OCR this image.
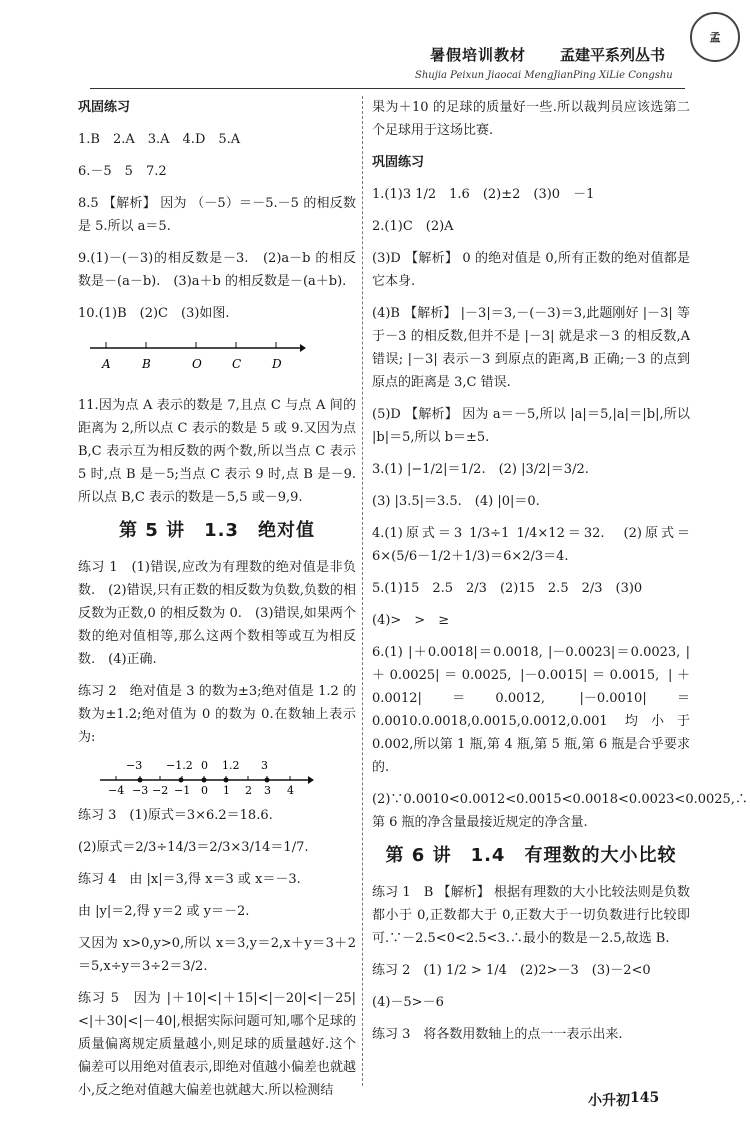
孟
暑假培训教材 孟建平系列丛书
Shujia Peixun Jiaocai MengJianPing XiLie Congshu

巩固练习

1.B　2.A　3.A　4.D　5.A

6.－5　5　7.2

8.5 【解析】 因为 （－5）＝－5.－5 的相反数是 5.所以 a＝5.

9.(1)－(－3)的相反数是－3.　(2)a－b 的相反数是－(a－b).　(3)a＋b 的相反数是－(a＋b).

10.(1)B　(2)C　(3)如图.

A	B	O	C	D

11.因为点 A 表示的数是 7,且点 C 与点 A 间的距离为 2,所以点 C 表示的数是 5 或 9.又因为点 B,C 表示互为相反数的两个数,所以当点 C 表示 5 时,点 B 是－5;当点 C 表示 9 时,点 B 是－9.所以点 B,C 表示的数是－5,5 或－9,9.

第 5 讲　1.3　绝对值

练习 1　(1)错误,应改为有理数的绝对值是非负数.　(2)错误,只有正数的相反数为负数,负数的相反数为正数,0 的相反数为 0.　(3)错误,如果两个数的绝对值相等,那么这两个数相等或互为相反数.　(4)正确.

练习 2　绝对值是 3 的数为±3;绝对值是 1.2 的数为±1.2;绝对值为 0 的数为 0.在数轴上表示为:

−3 −1.2 0 1.2 3
−4 −3 −2 −1 0 1 2 3 4

练习 3　(1)原式＝3×6.2＝18.6.

(2)原式＝2/3÷14/3＝2/3×3/14＝1/7.

练习 4　由 |x|＝3,得 x＝3 或 x＝－3.

由 |y|＝2,得 y＝2 或 y＝－2.

又因为 x>0,y>0,所以 x＝3,y＝2,x＋y＝3＋2＝5,x÷y＝3÷2＝3/2.

练习 5　因为 |＋10|<|＋15|<|－20|<|－25|<|＋30|<|－40|,根据实际问题可知,哪个足球的质量偏离规定质量越小,则足球的质量越好.这个偏差可以用绝对值表示,即绝对值越小偏差也就越小,反之绝对值越大偏差也就越大.所以检测结

果为＋10 的足球的质量好一些.所以裁判员应该选第二个足球用于这场比赛.

巩固练习

1.(1)3 1/2　1.6　(2)±2　(3)0　－1

2.(1)C　(2)A

(3)D 【解析】 0 的绝对值是 0,所有正数的绝对值都是它本身.

(4)B 【解析】 |－3|＝3,－(－3)＝3,此题刚好 |－3| 等于－3 的相反数,但并不是 |－3| 就是求－3 的相反数,A 错误; |－3| 表示－3 到原点的距离,B 正确;－3 的点到原点的距离是 3,C 错误.

(5)D 【解析】 因为 a＝－5,所以 |a|＝5,|a|＝|b|,所以 |b|＝5,所以 b＝±5.

3.(1) |−1/2|＝1/2.　(2) |3/2|＝3/2.

(3) |3.5|＝3.5.　(4) |0|＝0.

4.(1)原式＝3 1/3÷1 1/4×12＝32.　(2)原式＝6×(5/6－1/2＋1/3)＝6×2/3＝4.

5.(1)15　2.5　2/3　(2)15　2.5　2/3　(3)0

(4)>　>　≥

6.(1) |＋0.0018|＝0.0018, |－0.0023|＝0.0023, |＋0.0025|＝0.0025, |－0.0015|＝0.0015, |＋0.0012|＝0.0012, |－0.0010|＝0.0010.0.0018,0.0015,0.0012,0.001 均小于 0.002,所以第 1 瓶,第 4 瓶,第 5 瓶,第 6 瓶是合乎要求的.

(2)∵0.0010<0.0012<0.0015<0.0018<0.0023<0.0025,∴第 6 瓶的净含量最接近规定的净含量.

第 6 讲　1.4　有理数的大小比较

练习 1　B 【解析】 根据有理数的大小比较法则是负数都小于 0,正数都大于 0,正数大于一切负数进行比较即可.∵－2.5<0<2.5<3.∴最小的数是－2.5,故选 B.

练习 2　(1) 1/2 > 1/4　(2)2>－3　(3)－2<0

(4)－5>－6

练习 3　将各数用数轴上的点一一表示出来.

小升初 145
